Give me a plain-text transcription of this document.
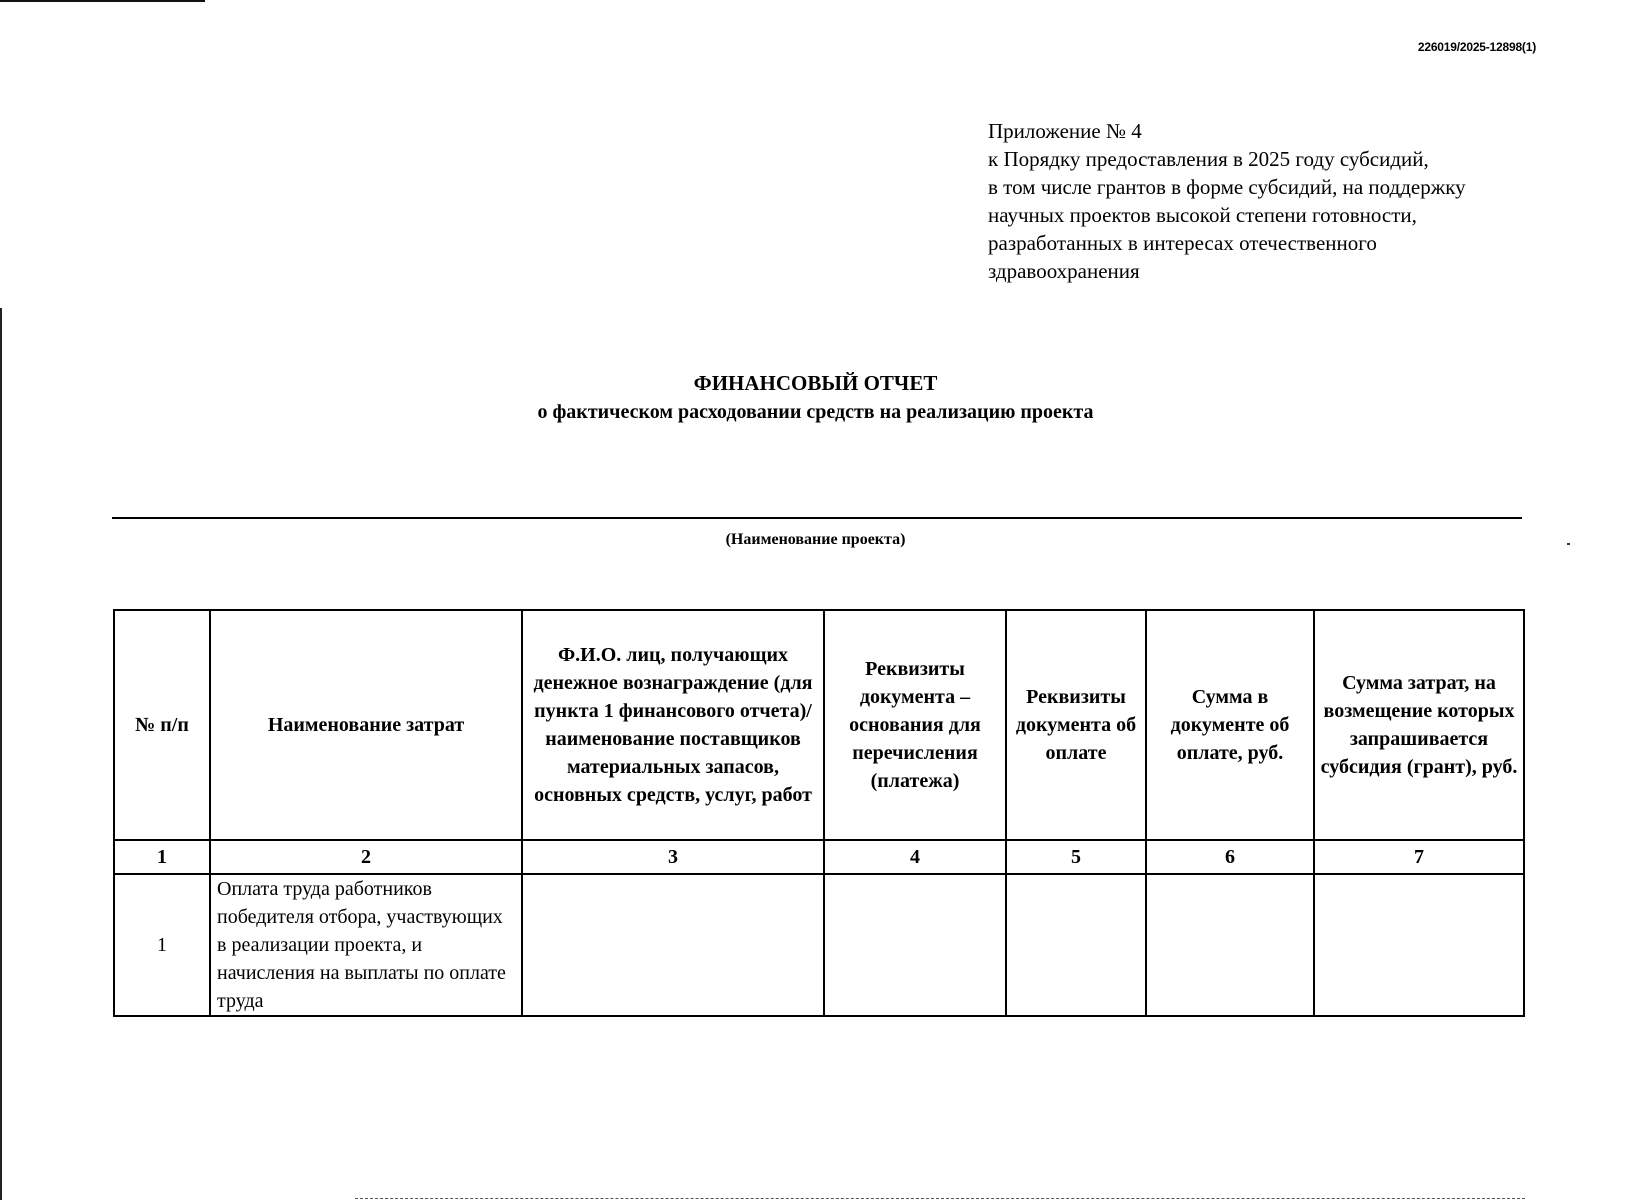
226019/2025-12898(1)
Приложение № 4
к Порядку предоставления в 2025 году субсидий,
в том числе грантов в форме субсидий, на поддержку
научных проектов высокой степени готовности,
разработанных в интересах отечественного
здравоохранения
ФИНАНСОВЫЙ ОТЧЕТ
о фактическом расходовании средств на реализацию проекта
(Наименование проекта)
№ п/п	Наименование затрат	Ф.И.О. лиц, получающих денежное вознаграждение (для пункта 1 финансового отчета)/ наименование поставщиков материальных запасов, основных средств, услуг, работ	Реквизиты документа – основания для перечисления (платежа)	Реквизиты документа об оплате	Сумма в документе об оплате, руб.	Сумма затрат, на возмещение которых запрашивается субсидия (грант), руб.
1	2	3	4	5	6	7
1	Оплата труда работников победителя отбора, участвующих в реализации проекта, и начисления на выплаты по оплате труда					
